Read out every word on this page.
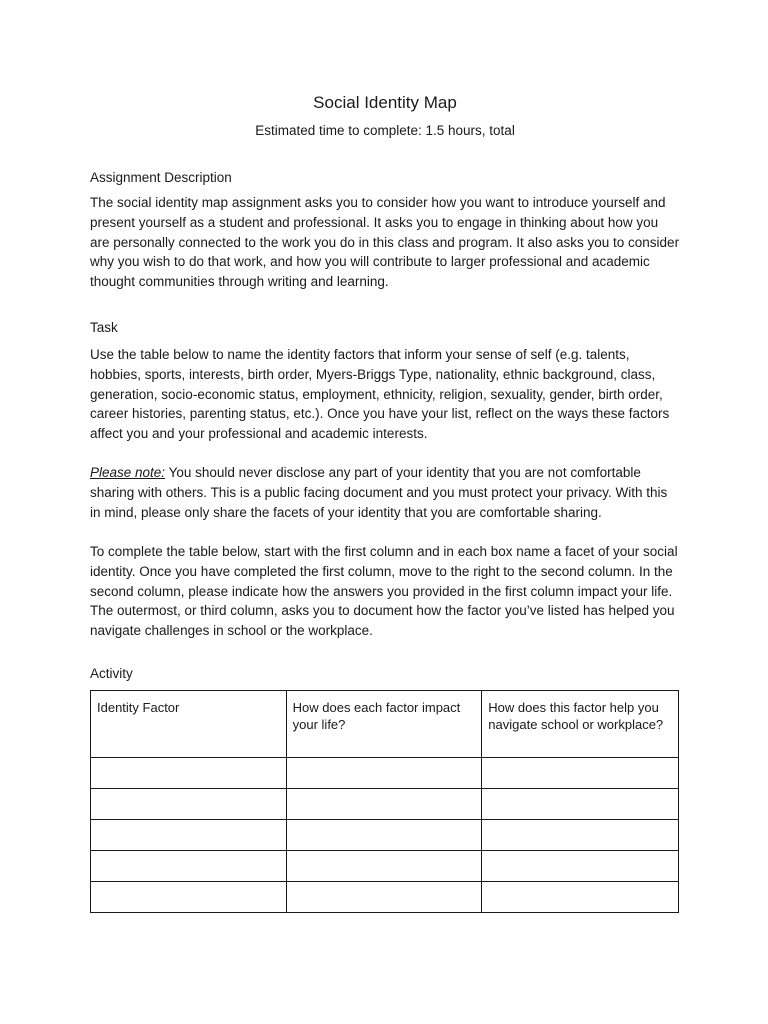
Social Identity Map
Estimated time to complete: 1.5 hours, total
Assignment Description
The social identity map assignment asks you to consider how you want to introduce yourself and present yourself as a student and professional. It asks you to engage in thinking about how you are personally connected to the work you do in this class and program. It also asks you to consider why you wish to do that work, and how you will contribute to larger professional and academic thought communities through writing and learning.
Task
Use the table below to name the identity factors that inform your sense of self (e.g. talents, hobbies, sports, interests, birth order, Myers-Briggs Type, nationality, ethnic background, class, generation, socio-economic status, employment, ethnicity, religion, sexuality, gender, birth order, career histories, parenting status, etc.). Once you have your list, reflect on the ways these factors affect you and your professional and academic interests.
Please note: You should never disclose any part of your identity that you are not comfortable sharing with others. This is a public facing document and you must protect your privacy. With this in mind, please only share the facets of your identity that you are comfortable sharing.
To complete the table below, start with the first column and in each box name a facet of your social identity. Once you have completed the first column, move to the right to the second column. In the second column, please indicate how the answers you provided in the first column impact your life. The outermost, or third column, asks you to document how the factor you’ve listed has helped you navigate challenges in school or the workplace.
Activity
Identity Factor	How does each factor impact your life?	How does this factor help you navigate school or workplace?
